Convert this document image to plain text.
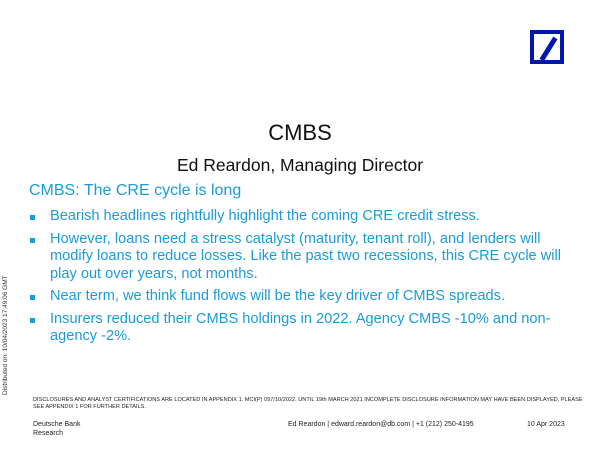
CMBS
Ed Reardon, Managing Director
CMBS: The CRE cycle is long
Bearish headlines rightfully highlight the coming CRE credit stress.
However, loans need a stress catalyst (maturity, tenant roll), and lenders will modify loans to reduce losses. Like the past two recessions, this CRE cycle will play out over years, not months.
Near term, we think fund flows will be the key driver of CMBS spreads.
Insurers reduced their CMBS holdings in 2022. Agency CMBS -10% and non-agency -2%.
Distributed on: 10/04/2023 17:49:06 GMT
DISCLOSURES AND ANALYST CERTIFICATIONS ARE LOCATED IN APPENDIX 1. MCI(P) 097/10/2022. UNTIL 19th MARCH 2021 INCOMPLETE DISCLOSURE INFORMATION MAY HAVE BEEN DISPLAYED, PLEASE SEE APPENDIX 1 FOR FURTHER DETAILS.
Deutsche Bank
Research
Ed Reardon | edward.reardon@db.com | +1 (212) 250-4195	10 Apr 2023
